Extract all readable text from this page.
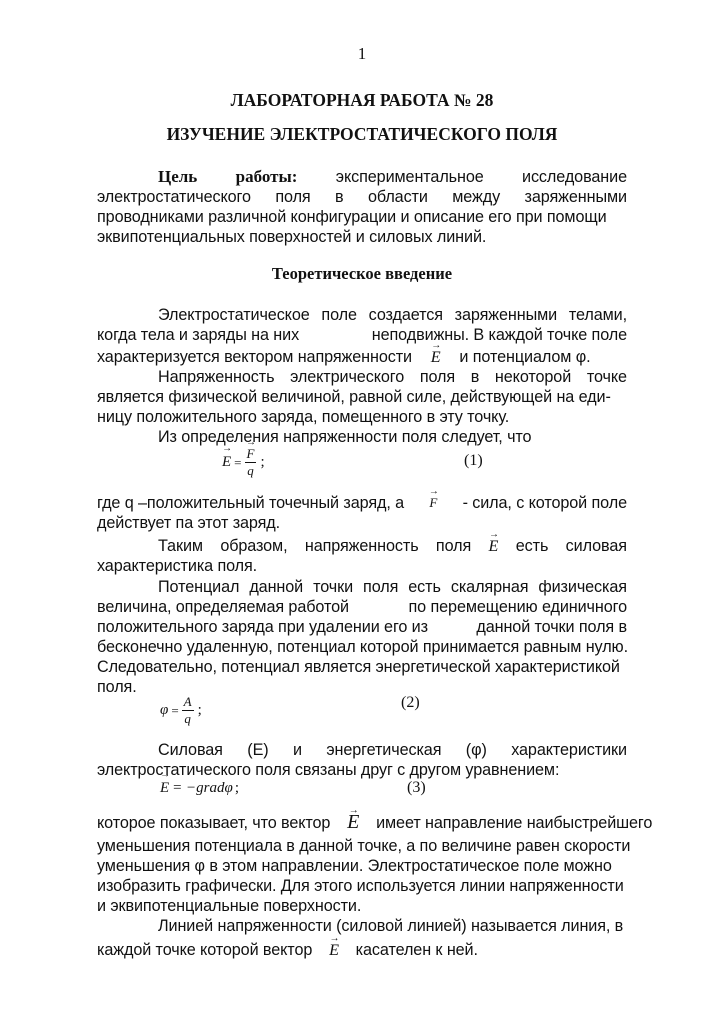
1
ЛАБОРАТОРНАЯ РАБОТА № 28
ИЗУЧЕНИЕ ЭЛЕКТРОСТАТИЧЕСКОГО ПОЛЯ
Цель работы: экспериментальное исследование
электростатического поля в области между заряженными
проводниками различной конфигурации и описание его при помощи
эквипотенциальных поверхностей и силовых линий.
Теоретическое введение
Электростатическое поле создается заряженными телами,
когда тела и заряды на них	неподвижны. В каждой точке поле
характеризуется вектором напряженности → E и потенциалом φ.
Напряженность электрического поля в некоторой точке
является физической величиной, равной силе, действующей на еди-
ницу положительного заряда, помещенного в эту точку.
Из определения напряженности поля следует, что
→ E = → $\frac{F}{q}$ ;	(1)
где q –положительный точечный заряд, а → F - сила, с которой поле
действует па этот заряд.
Таким образом, напряженность поля → E есть силовая
характеристика поля.
Потенциал данной точки поля есть скалярная физическая
величина, определяемая работой	по перемещению единичного
положительного заряда при удалении его из	данной точки поля в
бесконечно удаленную, потенциал которой принимается равным нулю.
Следовательно, потенциал является энергетической характеристикой
поля.
$\varphi = \frac{A}{q}$ ;	(2)
Силовая (Е) и энергетическая (φ) характеристики
электростатического поля связаны друг с другом уравнением:
→ E = −gradφ ;	(3)
которое показывает, что вектор → E имеет направление наибыстрейшего
уменьшения потенциала в данной точке, а по величине равен скорости
уменьшения φ в этом направлении. Электростатическое поле можно
изобразить графически. Для этого используется линии напряженности
и эквипотенциальные поверхности.
Линией напряженности (силовой линией) называется линия, в
каждой точке которой вектор → E касателен к ней.
